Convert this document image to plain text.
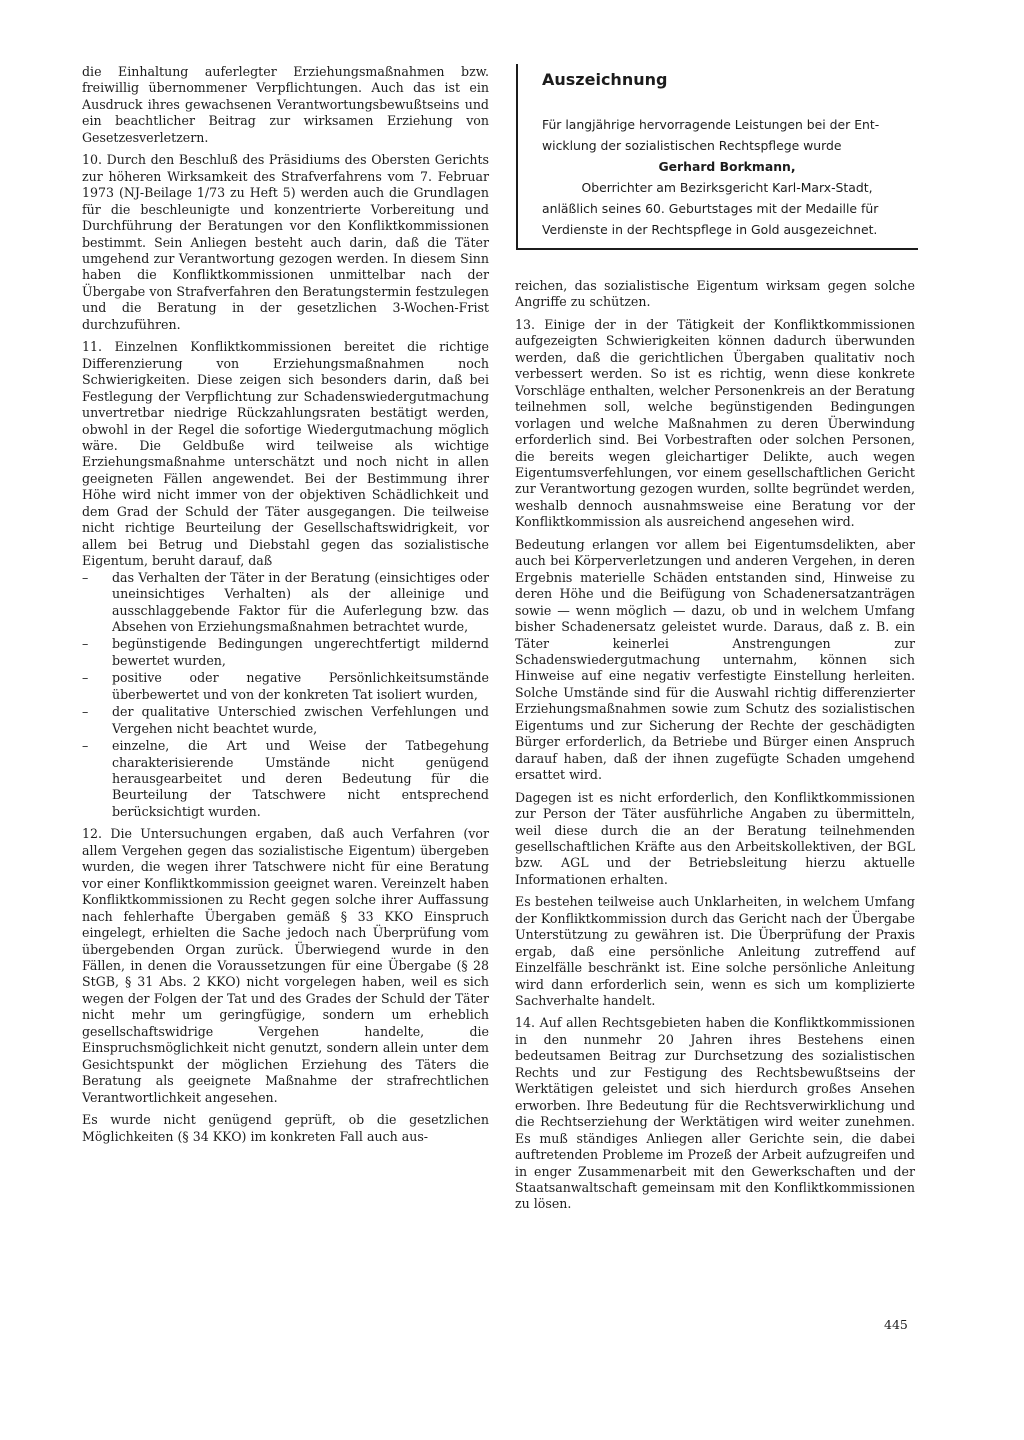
die Einhaltung auferlegter Erziehungsmaßnahmen bzw. freiwillig übernommener Verpflichtungen. Auch das ist ein Ausdruck ihres gewachsenen Verantwortungsbewußtseins und ein beachtlicher Beitrag zur wirksamen Erziehung von Gesetzesverletzern.

10. Durch den Beschluß des Präsidiums des Obersten Gerichts zur höheren Wirksamkeit des Strafverfahrens vom 7. Februar 1973 (NJ-Beilage 1/73 zu Heft 5) werden auch die Grundlagen für die beschleunigte und konzentrierte Vorbereitung und Durchführung der Beratungen vor den Konfliktkommissionen bestimmt. Sein Anliegen besteht auch darin, daß die Täter umgehend zur Verantwortung gezogen werden. In diesem Sinn haben die Konfliktkommissionen unmittelbar nach der Übergabe von Strafverfahren den Beratungstermin festzulegen und die Beratung in der gesetzlichen 3-Wochen-Frist durchzuführen.

11. Einzelnen Konfliktkommissionen bereitet die richtige Differenzierung von Erziehungsmaßnahmen noch Schwierigkeiten. Diese zeigen sich besonders darin, daß bei Festlegung der Verpflichtung zur Schadenswiedergutmachung unvertretbar niedrige Rückzahlungsraten bestätigt werden, obwohl in der Regel die sofortige Wiedergutmachung möglich wäre. Die Geldbuße wird teilweise als wichtige Erziehungsmaßnahme unterschätzt und noch nicht in allen geeigneten Fällen angewendet. Bei der Bestimmung ihrer Höhe wird nicht immer von der objektiven Schädlichkeit und dem Grad der Schuld der Täter ausgegangen. Die teilweise nicht richtige Beurteilung der Gesellschaftswidrigkeit, vor allem bei Betrug und Diebstahl gegen das sozialistische Eigentum, beruht darauf, daß

– das Verhalten der Täter in der Beratung (einsichtiges oder uneinsichtiges Verhalten) als der alleinige und ausschlaggebende Faktor für die Auferlegung bzw. das Absehen von Erziehungsmaßnahmen betrachtet wurde,
– begünstigende Bedingungen ungerechtfertigt mildernd bewertet wurden,
– positive oder negative Persönlichkeitsumstände überbewertet und von der konkreten Tat isoliert wurden,
– der qualitative Unterschied zwischen Verfehlungen und Vergehen nicht beachtet wurde,
– einzelne, die Art und Weise der Tatbegehung charakterisierende Umstände nicht genügend herausgearbeitet und deren Bedeutung für die Beurteilung der Tatschwere nicht entsprechend berücksichtigt wurden.

12. Die Untersuchungen ergaben, daß auch Verfahren (vor allem Vergehen gegen das sozialistische Eigentum) übergeben wurden, die wegen ihrer Tatschwere nicht für eine Beratung vor einer Konfliktkommission geeignet waren. Vereinzelt haben Konfliktkommissionen zu Recht gegen solche ihrer Auffassung nach fehlerhafte Übergaben gemäß § 33 KKO Einspruch eingelegt, erhielten die Sache jedoch nach Überprüfung vom übergebenden Organ zurück. Überwiegend wurde in den Fällen, in denen die Voraussetzungen für eine Übergabe (§ 28 StGB, § 31 Abs. 2 KKO) nicht vorgelegen haben, weil es sich wegen der Folgen der Tat und des Grades der Schuld der Täter nicht mehr um geringfügige, sondern um erheblich gesellschaftswidrige Vergehen handelte, die Einspruchsmöglichkeit nicht genutzt, sondern allein unter dem Gesichtspunkt der möglichen Erziehung des Täters die Beratung als geeignete Maßnahme der strafrechtlichen Verantwortlichkeit angesehen.

Es wurde nicht genügend geprüft, ob die gesetzlichen Möglichkeiten (§ 34 KKO) im konkreten Fall auch aus-

Auszeichnung
Für langjährige hervorragende Leistungen bei der Ent-
wicklung der sozialistischen Rechtspflege wurde
Gerhard Borkmann,
Oberrichter am Bezirksgericht Karl-Marx-Stadt,
anläßlich seines 60. Geburtstages mit der Medaille für
Verdienste in der Rechtspflege in Gold ausgezeichnet.

reichen, das sozialistische Eigentum wirksam gegen solche Angriffe zu schützen.

13. Einige der in der Tätigkeit der Konfliktkommissionen aufgezeigten Schwierigkeiten können dadurch überwunden werden, daß die gerichtlichen Übergaben qualitativ noch verbessert werden. So ist es richtig, wenn diese konkrete Vorschläge enthalten, welcher Personenkreis an der Beratung teilnehmen soll, welche begünstigenden Bedingungen vorlagen und welche Maßnahmen zu deren Überwindung erforderlich sind. Bei Vorbestraften oder solchen Personen, die bereits wegen gleichartiger Delikte, auch wegen Eigentumsverfehlungen, vor einem gesellschaftlichen Gericht zur Verantwortung gezogen wurden, sollte begründet werden, weshalb dennoch ausnahmsweise eine Beratung vor der Konfliktkommission als ausreichend angesehen wird.

Bedeutung erlangen vor allem bei Eigentumsdelikten, aber auch bei Körperverletzungen und anderen Vergehen, in deren Ergebnis materielle Schäden entstanden sind, Hinweise zu deren Höhe und die Beifügung von Schadenersatzanträgen sowie — wenn möglich — dazu, ob und in welchem Umfang bisher Schadenersatz geleistet wurde. Daraus, daß z. B. ein Täter keinerlei Anstrengungen zur Schadenswiedergutmachung unternahm, können sich Hinweise auf eine negativ verfestigte Einstellung herleiten. Solche Umstände sind für die Auswahl richtig differenzierter Erziehungsmaßnahmen sowie zum Schutz des sozialistischen Eigentums und zur Sicherung der Rechte der geschädigten Bürger erforderlich, da Betriebe und Bürger einen Anspruch darauf haben, daß der ihnen zugefügte Schaden umgehend ersattet wird.

Dagegen ist es nicht erforderlich, den Konfliktkommissionen zur Person der Täter ausführliche Angaben zu übermitteln, weil diese durch die an der Beratung teilnehmenden gesellschaftlichen Kräfte aus den Arbeitskollektiven, der BGL bzw. AGL und der Betriebsleitung hierzu aktuelle Informationen erhalten.

Es bestehen teilweise auch Unklarheiten, in welchem Umfang der Konfliktkommission durch das Gericht nach der Übergabe Unterstützung zu gewähren ist. Die Überprüfung der Praxis ergab, daß eine persönliche Anleitung zutreffend auf Einzelfälle beschränkt ist. Eine solche persönliche Anleitung wird dann erforderlich sein, wenn es sich um komplizierte Sachverhalte handelt.

14. Auf allen Rechtsgebieten haben die Konfliktkommissionen in den nunmehr 20 Jahren ihres Bestehens einen bedeutsamen Beitrag zur Durchsetzung des sozialistischen Rechts und zur Festigung des Rechtsbewußtseins der Werktätigen geleistet und sich hierdurch großes Ansehen erworben. Ihre Bedeutung für die Rechtsverwirklichung und die Rechtserziehung der Werktätigen wird weiter zunehmen. Es muß ständiges Anliegen aller Gerichte sein, die dabei auftretenden Probleme im Prozeß der Arbeit aufzugreifen und in enger Zusammenarbeit mit den Gewerkschaften und der Staatsanwaltschaft gemeinsam mit den Konfliktkommissionen zu lösen.

445
